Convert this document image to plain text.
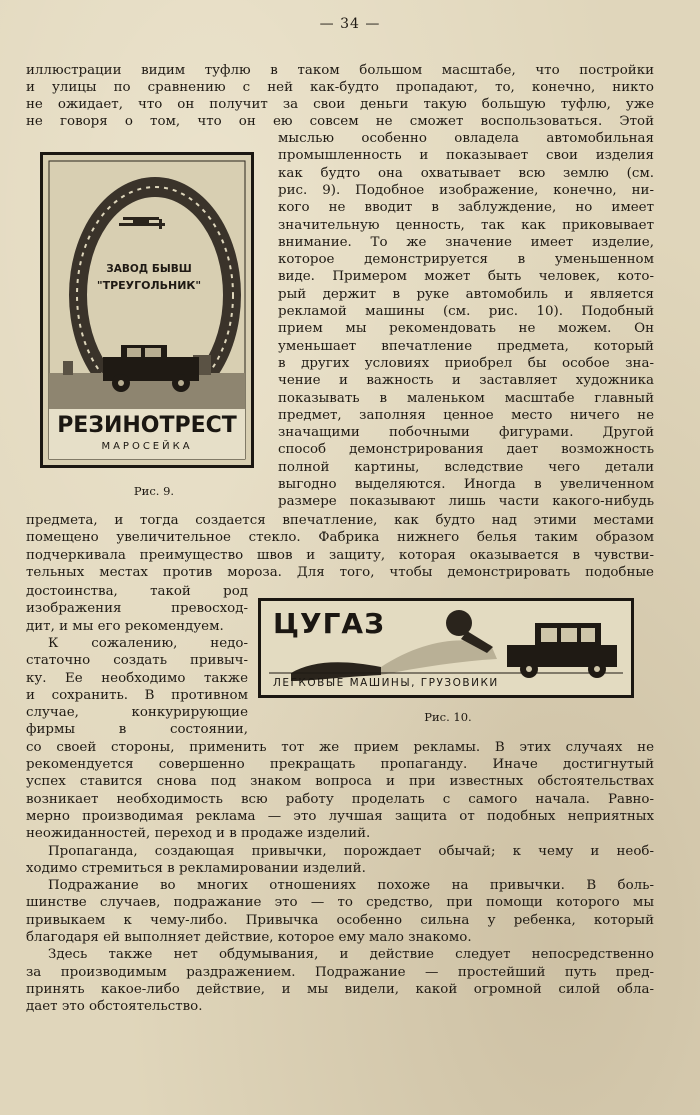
— 34 —
иллюстрации видим туфлю в таком большом масштабе, что постройки
и улицы по сравнению с ней как-будто пропадают, то, конечно, никто
не ожидает, что он получит за свои деньги такую большую туфлю, уже
не говоря о том, что он ею совсем не сможет воспользоваться. Этой
ЗАВОД БЫВШ
"ТРЕУГОЛЬНИК"
РЕЗИНОТРЕСТ
МАРОСЕЙКА
Рис. 9.
мыслью особенно овладела автомобильная
промышленность и показывает свои изделия
как будто она охватывает всю землю (см.
рис. 9). Подобное изображение, конечно, ни-
кого не вводит в заблуждение, но имеет
значительную ценность, так как приковывает
внимание. То же значение имеет изделие,
которое демонстрируется в уменьшенном
виде. Примером может быть человек, кото-
рый держит в руке автомобиль и является
рекламой машины (см. рис. 10). Подобный
прием мы рекомендовать не можем. Он
уменьшает впечатление предмета, который
в других условиях приобрел бы особое зна-
чение и важность и заставляет художника
показывать в маленьком масштабе главный
предмет, заполняя ценное место ничего не
значащими побочными фигурами. Другой
способ демонстрирования дает возможность
полной картины, вследствие чего детали
выгодно выделяются. Иногда в увеличенном
размере показывают лишь части какого-нибудь
предмета, и тогда создается впечатление, как будто над этими местами
помещено увеличительное стекло. Фабрика нижнего белья таким образом
подчеркивала преимущество швов и защиту, которая оказывается в чувстви-
тельных местах против мороза. Для того, чтобы демонстрировать подобные
достоинства, такой род
изображения превосход-
дит, и мы его рекомендуем.
К сожалению, недо-
статочно создать привыч-
ку. Ее необходимо также
и сохранить. В противном
случае, конкурирующие
фирмы в состоянии,
ЦУГАЗ
ЛЕГКОВЫЕ МАШИНЫ, ГРУЗОВИКИ
Рис. 10.
со своей стороны, применить тот же прием рекламы. В этих случаях не
рекомендуется совершенно прекращать пропаганду. Иначе достигнутый
успех ставится снова под знаком вопроса и при известных обстоятельствах
возникает необходимость всю работу проделать с самого начала. Равно-
мерно производимая реклама — это лучшая защита от подобных неприятных
неожиданностей, переход и в продаже изделий.
Пропаганда, создающая привычки, порождает обычай; к чему и необ-
ходимо стремиться в рекламировании изделий.
Подражание во многих отношениях похоже на привычки. В боль-
шинстве случаев, подражание это — то средство, при помощи которого мы
привыкаем к чему-либо. Привычка особенно сильна у ребенка, который
благодаря ей выполняет действие, которое ему мало знакомо.
Здесь также нет обдумывания, и действие следует непосредственно
за производимым раздражением. Подражание — простейший путь пред-
принять какое-либо действие, и мы видели, какой огромной силой обла-
дает это обстоятельство.
